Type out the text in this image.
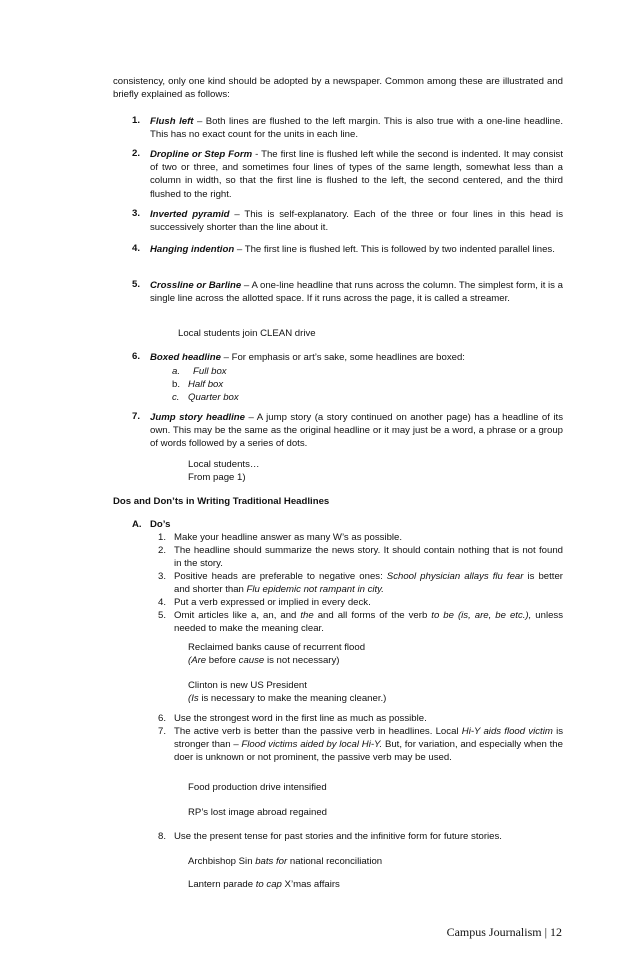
consistency, only one kind should be adopted by a newspaper. Common among these are illustrated and briefly explained as follows:
1. Flush left – Both lines are flushed to the left margin. This is also true with a one-line headline. This has no exact count for the units in each line.
2. Dropline or Step Form - The first line is flushed left while the second is indented. It may consist of two or three, and sometimes four lines of types of the same length, somewhat less than a column in width, so that the first line is flushed to the left, the second centered, and the third flushed to the right.
3. Inverted pyramid – This is self-explanatory. Each of the three or four lines in this head is successively shorter than the line about it.
4. Hanging indention – The first line is flushed left. This is followed by two indented parallel lines.
5. Crossline or Barline – A one-line headline that runs across the column. The simplest form, it is a single line across the allotted space. If it runs across the page, it is called a streamer.
Local students join CLEAN drive
6. Boxed headline – For emphasis or art’s sake, some headlines are boxed:
a. Full box
b. Half box
c. Quarter box
7. Jump story headline – A jump story (a story continued on another page) has a headline of its own. This may be the same as the original headline or it may just be a word, a phrase or a group of words followed by a series of dots.
Local students…
From page 1)
Dos and Don’ts in Writing Traditional Headlines
A. Do’s
1. Make your headline answer as many W’s as possible.
2. The headline should summarize the news story. It should contain nothing that is not found in the story.
3. Positive heads are preferable to negative ones: School physician allays flu fear is better and shorter than Flu epidemic not rampant in city.
4. Put a verb expressed or implied in every deck.
5. Omit articles like a, an, and the and all forms of the verb to be (is, are, be etc.), unless needed to make the meaning clear.
Reclaimed banks cause of recurrent flood
(Are before cause is not necessary)
Clinton is new US President
(Is is necessary to make the meaning cleaner.)
6. Use the strongest word in the first line as much as possible.
7. The active verb is better than the passive verb in headlines. Local Hi-Y aids flood victim is stronger than – Flood victims aided by local Hi-Y. But, for variation, and especially when the doer is unknown or not prominent, the passive verb may be used.
Food production drive intensified
RP’s lost image abroad regained
8. Use the present tense for past stories and the infinitive form for future stories.
Archbishop Sin bats for national reconciliation
Lantern parade to cap X’mas affairs
Campus Journalism | 12
